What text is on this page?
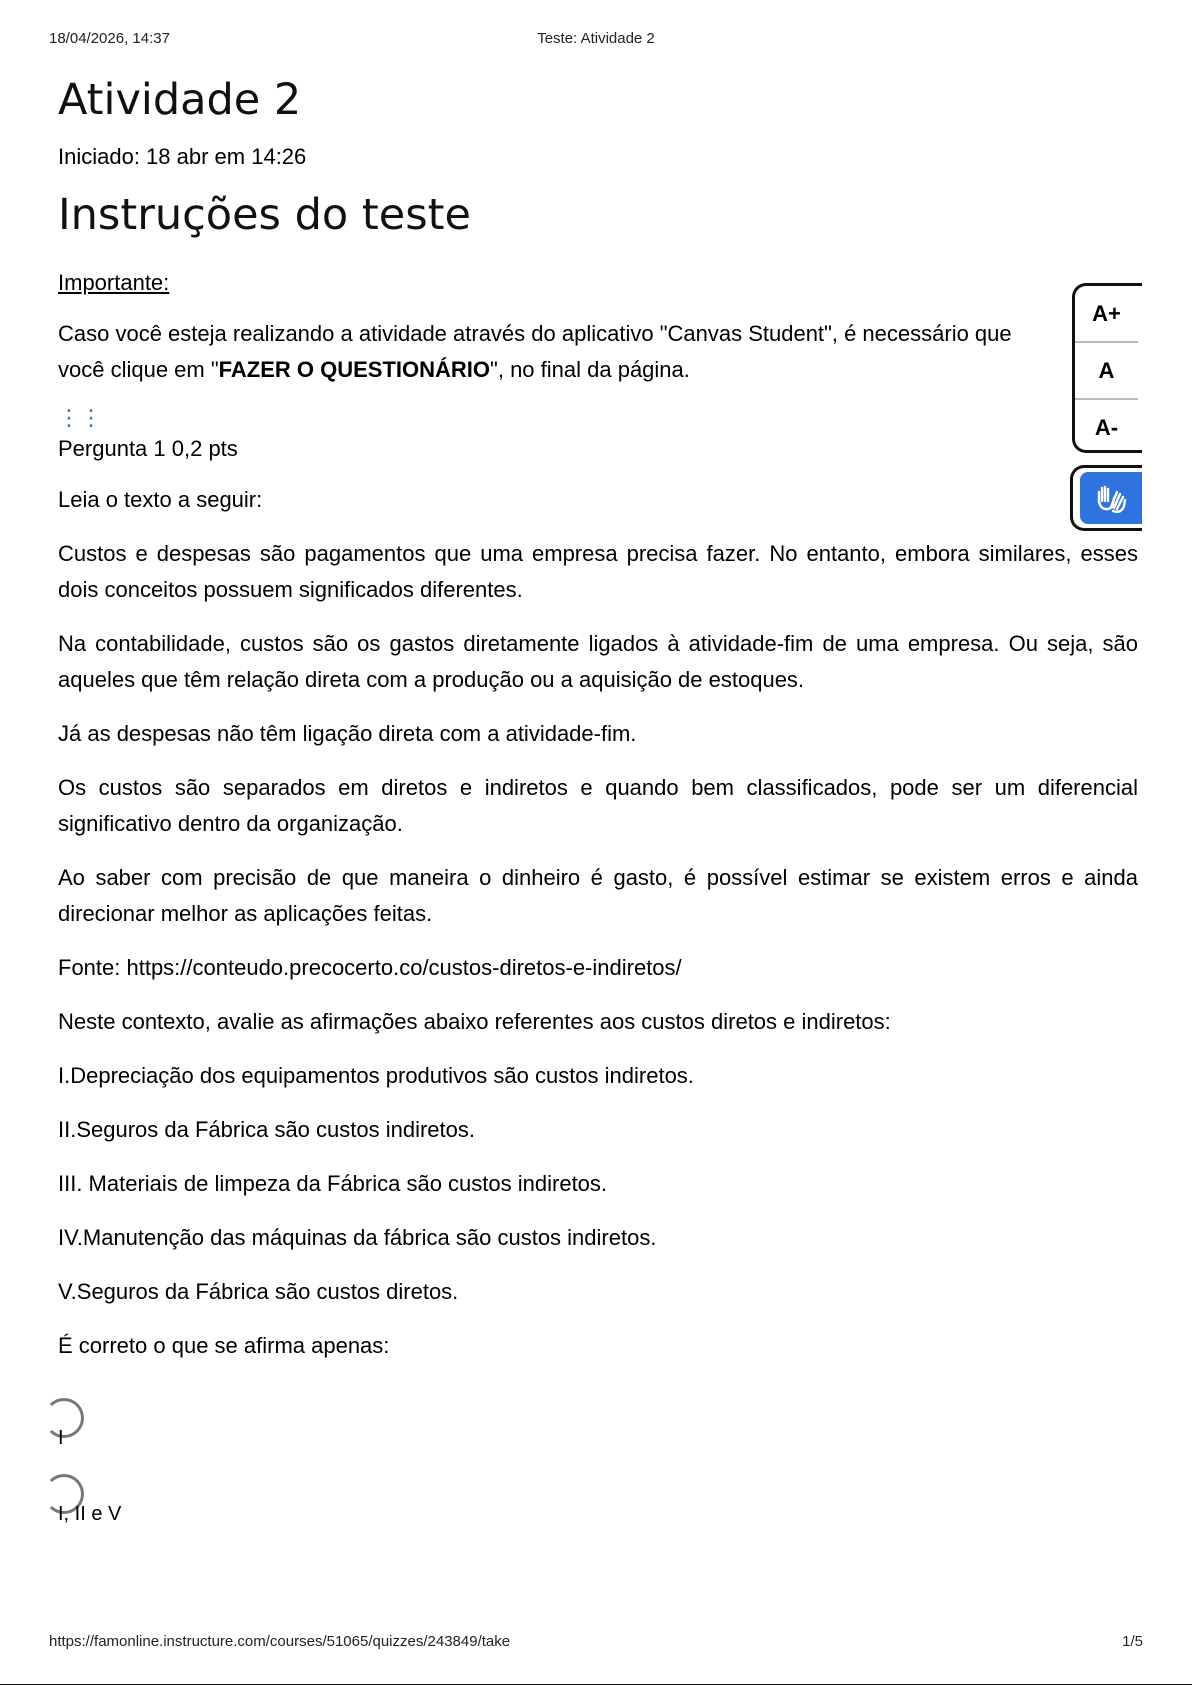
18/04/2026, 14:37	Teste: Atividade 2
Atividade 2
Iniciado: 18 abr em 14:26
Instruções do teste
Importante:

Caso você esteja realizando a atividade através do aplicativo "Canvas Student", é necessário que
você clique em "FAZER O QUESTIONÁRIO", no final da página.

⋮⋮
Pergunta 1 0,2 pts

Leia o texto a seguir:

Custos e despesas são pagamentos que uma empresa precisa fazer. No entanto, embora similares, esses dois conceitos possuem significados diferentes.

Na contabilidade, custos são os gastos diretamente ligados à atividade-fim de uma empresa. Ou seja, são aqueles que têm relação direta com a produção ou a aquisição de estoques.

Já as despesas não têm ligação direta com a atividade-fim.

Os custos são separados em diretos e indiretos e quando bem classificados, pode ser um diferencial significativo dentro da organização.

Ao saber com precisão de que maneira o dinheiro é gasto, é possível estimar se existem erros e ainda direcionar melhor as aplicações feitas.

Fonte: https://conteudo.precocerto.co/custos-diretos-e-indiretos/

Neste contexto, avalie as afirmações abaixo referentes aos custos diretos e indiretos:

I.Depreciação dos equipamentos produtivos são custos indiretos.

II.Seguros da Fábrica são custos indiretos.

III. Materiais de limpeza da Fábrica são custos indiretos.

IV.Manutenção das máquinas da fábrica são custos indiretos.

V.Seguros da Fábrica são custos diretos.

É correto o que se afirma apenas:

I
I, II e V
A+
A
A-
https://famonline.instructure.com/courses/51065/quizzes/243849/take	1/5
